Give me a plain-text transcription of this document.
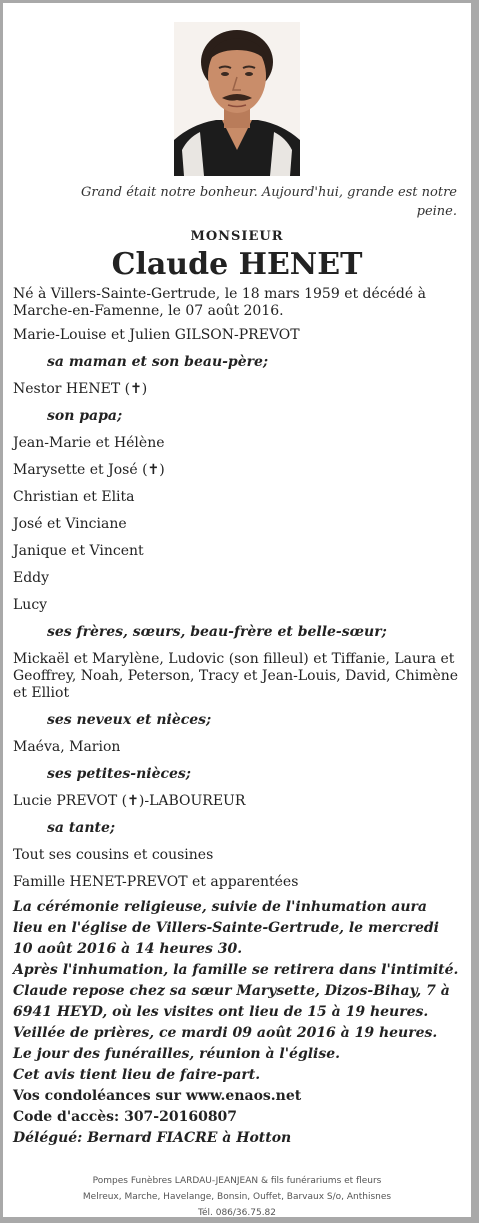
Grand était notre bonheur. Aujourd'hui, grande est notre peine.
MONSIEUR
Claude HENET
Né à Villers-Sainte-Gertrude, le 18 mars 1959 et décédé à Marche-en-Famenne, le 07 août 2016.
Marie-Louise et Julien GILSON-PREVOT
sa maman et son beau-père;
Nestor HENET (✝)
son papa;
Jean-Marie et Hélène
Marysette et José (✝)
Christian et Elita
José et Vinciane
Janique et Vincent
Eddy
Lucy
ses frères, sœurs, beau-frère et belle-sœur;
Mickaël et Marylène, Ludovic (son filleul) et Tiffanie, Laura et Geoffrey, Noah, Peterson, Tracy et Jean-Louis, David, Chimène et Elliot
ses neveux et nièces;
Maéva, Marion
ses petites-nièces;
Lucie PREVOT (✝)-LABOUREUR
sa tante;
Tout ses cousins et cousines
Famille HENET-PREVOT et apparentées
La cérémonie religieuse, suivie de l'inhumation aura lieu en l'église de Villers-Sainte-Gertrude, le mercredi 10 août 2016 à 14 heures 30.
Après l'inhumation, la famille se retirera dans l'intimité.
Claude repose chez sa sœur Marysette, Dizos-Bihay, 7 à 6941 HEYD, où les visites ont lieu de 15 à 19 heures.
Veillée de prières, ce mardi 09 août 2016 à 19 heures.
Le jour des funérailles, réunion à l'église.
Cet avis tient lieu de faire-part.
Vos condoléances sur www.enaos.net
Code d'accès: 307-20160807
Délégué: Bernard FIACRE à Hotton
Pompes Funèbres LARDAU-JEANJEAN & fils funérariums et fleurs
Melreux, Marche, Havelange, Bonsin, Ouffet, Barvaux S/o, Anthisnes
Tél. 086/36.75.82
